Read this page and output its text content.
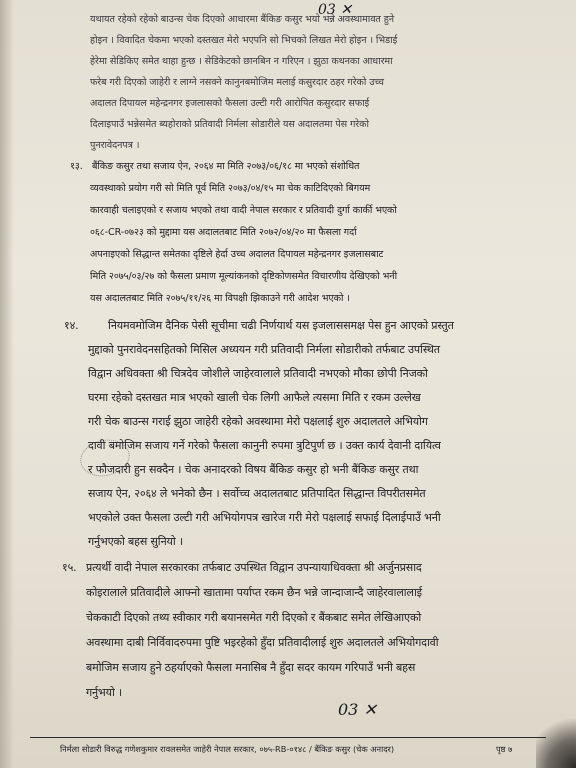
03 ✕
यथायत रहेको रहेको बाउन्स चेक दिएको आधारमा बैंकिङ कसुर भयो भन्ने अवस्थामावत हुने
होइन । विवादित चेकमा भएको दस्तखत मेरो भएपनि सो भिचको लिखत मेरो होइन । भिडाई
हेरेमा सेडिकिए समेत थाहा हुन्छ । सेडिकेटको छानबिन न गरिएन । झुठा कथनका आधारमा
फरेब गरी दिएको जाहेरी र लाग्ने नसक्ने कानुनबमोजिम मलाई कसुरदार ठहर गरेको उच्च
अदालत दिपायल महेन्द्रनगर इजलासको फैसला उल्टी गरी आरोपित कसुरदार सफाई
दिलाइपाउँ भन्नेसमेत ब्यहोराको प्रतिवादी निर्मला सोडारीले यस अदालतमा पेस गरेको
पुनरावेदनपत्र ।
१३. बैंकिङ कसुर तथा सजाय ऐन, २०६४ मा मिति २०७३/०६/१८ मा भएको संशोधित
व्यवस्थाको प्रयोग गरी सो मिति पूर्व मिति २०७३/०४/१५ मा चेक काटिदिएको बिगयम
कारवाही चलाइएको र सजाय भएको तथा वादी नेपाल सरकार र प्रतिवादी दुर्गा कार्की भएको
०६८-CR-०७२३ को मुद्दामा यस अदालतबाट मिति २०७२/०४/२० मा फैसला गर्दा
अपनाइएको सिद्धान्त समेतका दृष्टिले हेर्दा उच्च अदालत दिपायल महेन्द्रनगर इजलासबाट
मिति २०७५/०३/२७ को फैसला प्रमाण मूल्यांकनको दृष्टिकोणसमेत विचारणीय देखिएको भनी
यस अदालतबाट मिति २०७५/११/२६ मा विपक्षी झिकाउने गरी आदेश भएको ।
१४.	नियमवमोजिम दैनिक पेसी सूचीमा चढी निर्णयार्थ यस इजलाससमक्ष पेस हुन आएको प्रस्तुत
मुद्दाको पुनरावेदनसहितको मिसिल अध्ययन गरी प्रतिवादी निर्मला सोडारीको तर्फबाट उपस्थित
विद्वान अधिवक्ता श्री चित्रदेव जोशीले जाहेरवालाले प्रतिवादी नभएको मौका छोपी निजको
घरमा रहेको दस्तखत मात्र भएको खाली चेक लिगी आफैले त्यसमा मिति र रकम उल्लेख
गरी चेक बाउन्स गराई झुठा जाहेरी रहेको अवस्थामा मेरो पक्षलाई शुरु अदालतले अभियोग
दावी बमोजिम सजाय गर्ने गरेको फैसला कानुनी रुपमा त्रुटिपुर्ण छ । उक्त कार्य देवानी दायित्व
र फौजदारी हुन सक्दैन । चेक अनादरको विषय बैंकिङ कसुर हो भनी बैंकिङ कसुर तथा
सजाय ऐन, २०६४ ले भनेको छैन । सर्वोच्च अदालतबाट प्रतिपादित सिद्धान्त विपरीतसमेत
भएकोले उक्त फैसला उल्टी गरी अभियोगपत्र खारेज गरी मेरो पक्षलाई सफाई दिलाईपाउँ भनी
गर्नुभएको बहस सुनियो ।
१५. प्रत्यर्थी वादी नेपाल सरकारका तर्फबाट उपस्थित विद्वान उपन्यायाधिवक्ता श्री अर्जुनप्रसाद
कोइरालाले प्रतिवादीले आफ्नो खातामा पर्याप्त रकम छैन भन्ने जान्दाजान्दै जाहेरवालालाई
चेककाटी दिएको तथ्य स्वीकार गरी बयानसमेत गरी दिएको र बैंकबाट समेत लेखिआएको
अवस्थामा दाबी निर्विवादरुपमा पुष्टि भइरहेको हुँदा प्रतिवादीलाई शुरु अदालतले अभियोगदावी
बमोजिम सजाय हुने ठहर्याएको फैसला मनासिब नै हुँदा सदर कायम गरिपाउँ भनी बहस
गर्नुभयो ।
03 ✕
निर्मला सोडारी विरुद्ध गणेशकुमार रावलसमेत जाहेरी नेपाल सरकार, ०७५-RB-०१४८ / बैंकिङ कसुर (चेक अनादर)	पृष्ठ ७
